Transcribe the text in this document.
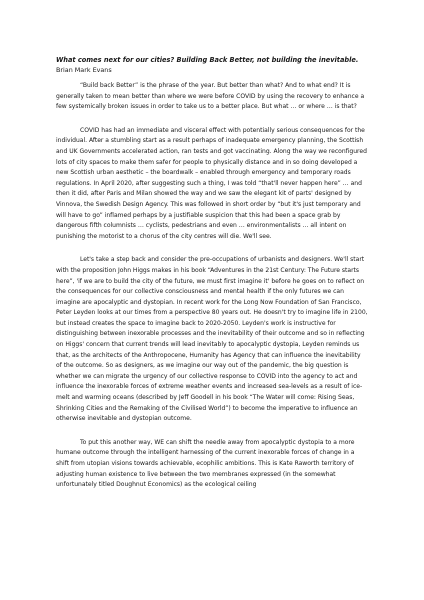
What comes next for our cities? Building Back Better, not building the inevitable.

Brian Mark Evans

“Build back Better” is the phrase of the year. But better than what? And to what end? It is generally taken to mean better than where we were before COVID by using the recovery to enhance a few systemically broken issues in order to take us to a better place. But what … or where … is that?

COVID has had an immediate and visceral effect with potentially serious consequences for the individual. After a stumbling start as a result perhaps of inadequate emergency planning, the Scottish and UK Governments accelerated action, ran tests and got vaccinating. Along the way we reconfigured lots of city spaces to make them safer for people to physically distance and in so doing developed a new Scottish urban aesthetic – the boardwalk – enabled through emergency and temporary roads regulations. In April 2020, after suggesting such a thing, I was told “that'll never happen here” … and then it did, after Paris and Milan showed the way and we saw the elegant kit of parts' designed by Vinnova, the Swedish Design Agency. This was followed in short order by “but it's just temporary and will have to go” inflamed perhaps by a justifiable suspicion that this had been a space grab by dangerous fifth columnists … cyclists, pedestrians and even … environmentalists … all intent on punishing the motorist to a chorus of the city centres will die. We'll see.

Let's take a step back and consider the pre-occupations of urbanists and designers. We'll start with the proposition John Higgs makes in his book “Adventures in the 21st Century: The Future starts here”, 'if we are to build the city of the future, we must first imagine it' before he goes on to reflect on the consequences for our collective consciousness and mental health if the only futures we can imagine are apocalyptic and dystopian. In recent work for the Long Now Foundation of San Francisco, Peter Leyden looks at our times from a perspective 80 years out. He doesn't try to imagine life in 2100, but instead creates the space to imagine back to 2020-2050. Leyden's work is instructive for distinguishing between inexorable processes and the inevitability of their outcome and so in reflecting on Higgs' concern that current trends will lead inevitably to apocalyptic dystopia, Leyden reminds us that, as the architects of the Anthropocene, Humanity has Agency that can influence the inevitability of the outcome. So as designers, as we imagine our way out of the pandemic, the big question is whether we can migrate the urgency of our collective response to COVID into the agency to act and influence the inexorable forces of extreme weather events and increased sea-levels as a result of ice-melt and warming oceans (described by Jeff Goodell in his book “The Water will come: Rising Seas, Shrinking Cities and the Remaking of the Civilised World”) to become the imperative to influence an otherwise inevitable and dystopian outcome.

To put this another way, WE can shift the needle away from apocalyptic dystopia to a more humane outcome through the intelligent harnessing of the current inexorable forces of change in a shift from utopian visions towards achievable, ecophilic ambitions. This is Kate Raworth territory of adjusting human existence to live between the two membranes expressed (in the somewhat unfortunately titled Doughnut Economics) as the ecological ceiling
